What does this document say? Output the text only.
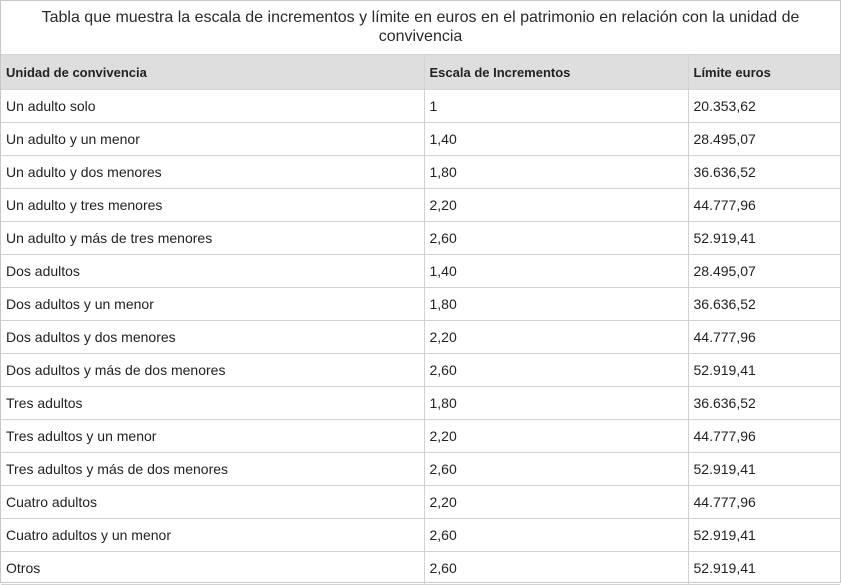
Tabla que muestra la escala de incrementos y límite en euros en el patrimonio en relación con la unidad de convivencia
Unidad de convivencia	Escala de Incrementos	Límite euros
Un adulto solo	1	20.353,62
Un adulto y un menor	1,40	28.495,07
Un adulto y dos menores	1,80	36.636,52
Un adulto y tres menores	2,20	44.777,96
Un adulto y más de tres menores	2,60	52.919,41
Dos adultos	1,40	28.495,07
Dos adultos y un menor	1,80	36.636,52
Dos adultos y dos menores	2,20	44.777,96
Dos adultos y más de dos menores	2,60	52.919,41
Tres adultos	1,80	36.636,52
Tres adultos y un menor	2,20	44.777,96
Tres adultos y más de dos menores	2,60	52.919,41
Cuatro adultos	2,20	44.777,96
Cuatro adultos y un menor	2,60	52.919,41
Otros	2,60	52.919,41
